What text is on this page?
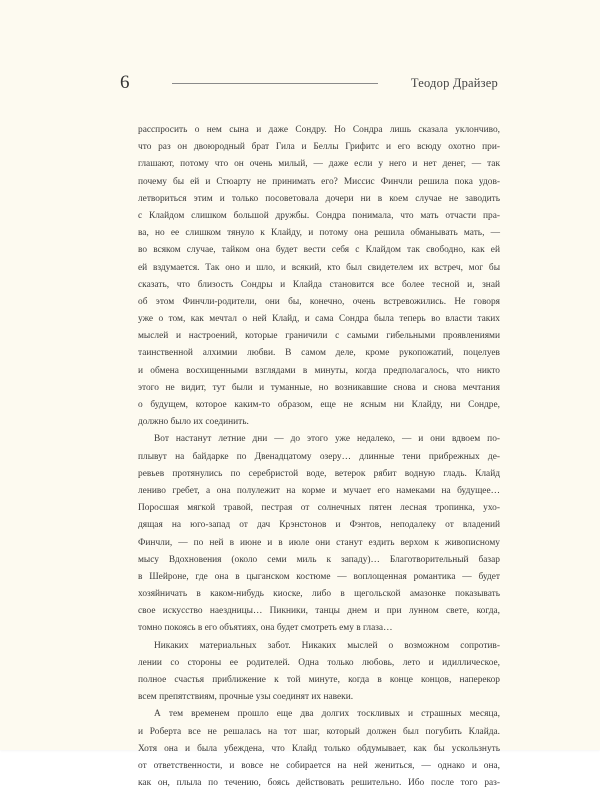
6	Теодор Драйзер
расспросить о нем сына и даже Сондру. Но Сондра лишь сказала уклончиво,
что раз он двоюродный брат Гила и Беллы Грифитс и его всюду охотно при-
глашают, потому что он очень милый, — даже если у него и нет денег, — так
почему бы ей и Стюарту не принимать его? Миссис Финчли решила пока удов-
летвориться этим и только посоветовала дочери ни в коем случае не заводить
с Клайдом слишком большой дружбы. Сондра понимала, что мать отчасти пра-
ва, но ее слишком тянуло к Клайду, и потому она решила обманывать мать, —
во всяком случае, тайком она будет вести себя с Клайдом так свободно, как ей
ей вздумается. Так оно и шло, и всякий, кто был свидетелем их встреч, мог бы
сказать, что близость Сондры и Клайда становится все более тесной и, знай
об этом Финчли-родители, они бы, конечно, очень встревожились. Не говоря
уже о том, как мечтал о ней Клайд, и сама Сондра была теперь во власти таких
мыслей и настроений, которые граничили с самыми гибельными проявлениями
таинственной алхимии любви. В самом деле, кроме рукопожатий, поцелуев
и обмена восхищенными взглядами в минуты, когда предполагалось, что никто
этого не видит, тут были и туманные, но возникавшие снова и снова мечтания
о будущем, которое каким-то образом, еще не ясным ни Клайду, ни Сондре,
должно было их соединить.
Вот настанут летние дни — до этого уже недалеко, — и они вдвоем по-
плывут на байдарке по Двенадцатому озеру… длинные тени прибрежных де-
ревьев протянулись по серебристой воде, ветерок рябит водную гладь. Клайд
лениво гребет, а она полулежит на корме и мучает его намеками на будущее…
Поросшая мягкой травой, пестрая от солнечных пятен лесная тропинка, ухо-
дящая на юго-запад от дач Крэнстонов и Фэнтов, неподалеку от владений
Финчли, — по ней в июне и в июле они станут ездить верхом к живописному
мысу Вдохновения (около семи миль к западу)… Благотворительный базар
в Шейроне, где она в цыганском костюме — воплощенная романтика — будет
хозяйничать в каком-нибудь киоске, либо в щегольской амазонке показывать
свое искусство наездницы… Пикники, танцы днем и при лунном свете, когда,
томно покоясь в его объятиях, она будет смотреть ему в глаза…
Никаких материальных забот. Никаких мыслей о возможном сопротив-
лении со стороны ее родителей. Одна только любовь, лето и идиллическое,
полное счастья приближение к той минуте, когда в конце концов, наперекор
всем препятствиям, прочные узы соединят их навеки.
А тем временем прошло еще два долгих тоскливых и страшных месяца,
и Роберта все не решалась на тот шаг, который должен был погубить Клайда.
Хотя она и была убеждена, что Клайд только обдумывает, как бы ускользнуть
от ответственности, и вовсе не собирается на ней жениться, — однако и она,
как он, плыла по течению, боясь действовать решительно. Ибо после того раз-
